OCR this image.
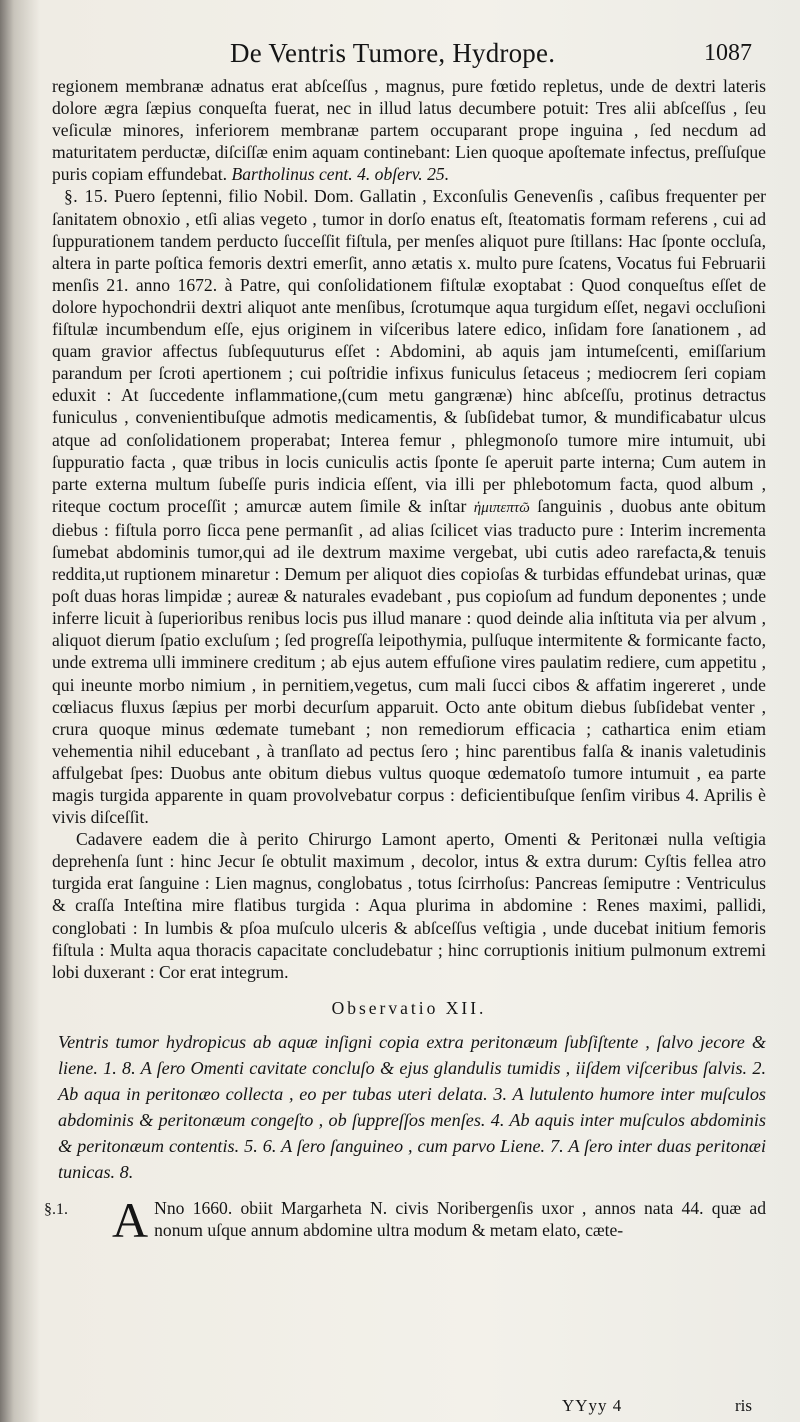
De Ventris Tumore, Hydrope.	1087

regionem membranæ adnatus erat abſceſſus , magnus, pure fœtido repletus, unde de dextri lateris dolore ægra ſæpius conqueſta fuerat, nec in illud latus decumbere potuit: Tres alii abſceſſus , ſeu veſiculæ minores, inferiorem membranæ partem occuparant prope inguina , ſed necdum ad maturitatem perductæ, diſciſſæ enim aquam continebant: Lien quoque apoſtemate infectus, preſſuſque puris copiam effundebat. Bartholinus cent. 4. obſerv. 25.

§. 15. Puero ſeptenni, filio Nobil. Dom. Gallatin , Exconſulis Genevenſis , caſibus frequenter per ſanitatem obnoxio , etſi alias vegeto , tumor in dorſo enatus eſt, ſteatomatis formam referens , cui ad ſuppurationem tandem perducto ſucceſſit fiſtula, per menſes aliquot pure ſtillans: Hac ſponte occluſa, altera in parte poſtica femoris dextri emerſit, anno ætatis x. multo pure ſcatens, Vocatus fui Februarii menſis 21. anno 1672. à Patre, qui conſolidationem fiſtulæ exoptabat : Quod conqueſtus eſſet de dolore hypochondrii dextri aliquot ante menſibus, ſcrotumque aqua turgidum eſſet, negavi occluſioni fiſtulæ incumbendum eſſe, ejus originem in viſceribus latere edico, inſidam fore ſanationem , ad quam gravior affectus ſubſequuturus eſſet : Abdomini, ab aquis jam intumeſcenti, emiſſarium parandum per ſcroti apertionem ; cui poſtridie infixus funiculus ſetaceus ; mediocrem ſeri copiam eduxit : At ſuccedente inflammatione,(cum metu gangrænæ) hinc abſceſſu, protinus detractus funiculus , convenientibuſque admotis medicamentis, & ſubſidebat tumor, & mundificabatur ulcus atque ad conſolidationem properabat; Interea femur , phlegmonoſo tumore mire intumuit, ubi ſuppuratio facta , quæ tribus in locis cuniculis actis ſponte ſe aperuit parte interna; Cum autem in parte externa multum ſubeſſe puris indicia eſſent, via illi per phlebotomum facta, quod album , riteque coctum proceſſit ; amurcæ autem ſimile & inſtar ἡμιπεπτῶ ſanguinis , duobus ante obitum diebus : fiſtula porro ſicca pene permanſit , ad alias ſcilicet vias traducto pure : Interim incrementa ſumebat abdominis tumor,qui ad ile dextrum maxime vergebat, ubi cutis adeo rarefacta,& tenuis reddita,ut ruptionem minaretur : Demum per aliquot dies copioſas & turbidas effundebat urinas, quæ poſt duas horas limpidæ ; aureæ & naturales evadebant , pus copioſum ad fundum deponentes ; unde inferre licuit à ſuperioribus renibus locis pus illud manare : quod deinde alia inſtituta via per alvum , aliquot dierum ſpatio excluſum ; ſed progreſſa leipothymia, pulſuque intermitente & formicante facto, unde extrema ulli imminere creditum ; ab ejus autem effuſione vires paulatim rediere, cum appetitu , qui ineunte morbo nimium , in pernitiem,vegetus, cum mali ſucci cibos & affatim ingereret , unde cœliacus fluxus ſæpius per morbi decurſum apparuit. Octo ante obitum diebus ſubſidebat venter , crura quoque minus œdemate tumebant ; non remediorum efficacia ; cathartica enim etiam vehementia nihil educebant , à tranſlato ad pectus ſero ; hinc parentibus falſa & inanis valetudinis affulgebat ſpes: Duobus ante obitum diebus vultus quoque œdematoſo tumore intumuit , ea parte magis turgida apparente in quam provolvebatur corpus : deficientibuſque ſenſim viribus 4. Aprilis è vivis diſceſſit.

Cadavere eadem die à perito Chirurgo Lamont aperto, Omenti & Peritonæi nulla veſtigia deprehenſa ſunt : hinc Jecur ſe obtulit maximum , decolor, intus & extra durum: Cyſtis fellea atro turgida erat ſanguine : Lien magnus, conglobatus , totus ſcirrhoſus: Pancreas ſemiputre : Ventriculus & craſſa Inteſtina mire flatibus turgida : Aqua plurima in abdomine : Renes maximi, pallidi, conglobati : In lumbis & pſoa muſculo ulceris & abſceſſus veſtigia , unde ducebat initium femoris fiſtula : Multa aqua thoracis capacitate concludebatur ; hinc corruptionis initium pulmonum extremi lobi duxerant : Cor erat integrum.

Observatio XII.

Ventris tumor hydropicus ab aquæ inſigni copia extra peritonæum ſubſiſtente , ſalvo jecore & liene. 1. 8. A ſero Omenti cavitate concluſo & ejus glandulis tumidis , iiſdem viſceribus ſalvis. 2. Ab aqua in peritonæo collecta , eo per tubas uteri delata. 3. A lutulento humore inter muſculos abdominis & peritonæum congeſto , ob ſuppreſſos menſes. 4. Ab aquis inter muſculos abdominis & peritonæum contentis. 5. 6. A ſero ſanguineo , cum parvo Liene. 7. A ſero inter duas peritonæi tunicas. 8.

§.1. A Nno 1660. obiit Margarheta N. civis Noribergenſis uxor , annos nata 44. quæ ad nonum uſque annum abdomine ultra modum & metam elato, cæte-
YYyy 4	ris
